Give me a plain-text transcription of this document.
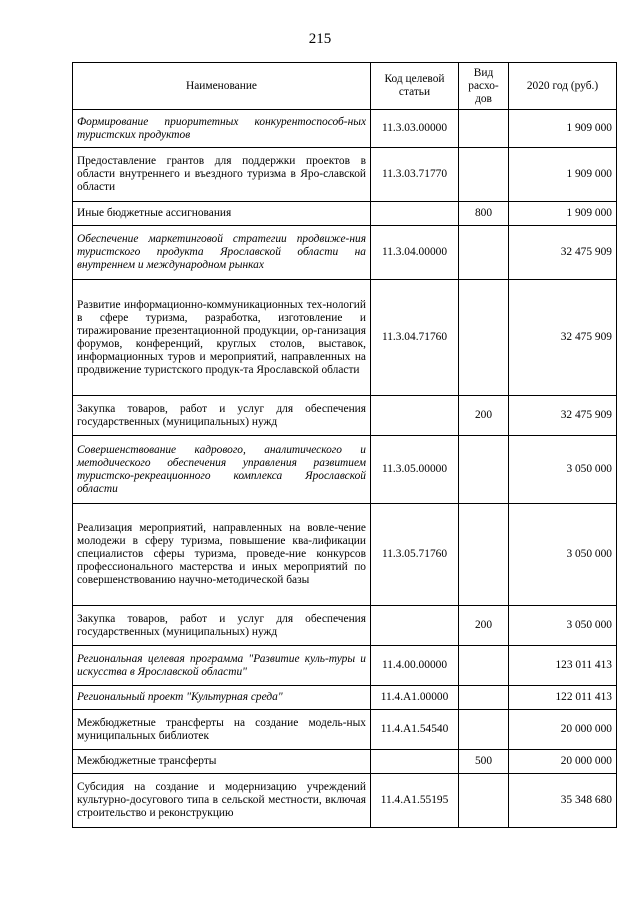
215
Наименование	Код целевой статьи	Вид расхо-дов	2020 год (руб.)
Формирование приоритетных конкурентоспособ-ных туристских продуктов	11.3.03.00000		1 909 000
Предоставление грантов для поддержки проектов в области внутреннего и въездного туризма в Яро-славской области	11.3.03.71770		1 909 000
Иные бюджетные ассигнования		800	1 909 000
Обеспечение маркетинговой стратегии продвиже-ния туристского продукта Ярославской области на внутреннем и международном рынках	11.3.04.00000		32 475 909
Развитие информационно-коммуникационных тех-нологий в сфере туризма, разработка, изготовление и тиражирование презентационной продукции, ор-ганизация форумов, конференций, круглых столов, выставок, информационных туров и мероприятий, направленных на продвижение туристского продук-та Ярославской области	11.3.04.71760		32 475 909
Закупка товаров, работ и услуг для обеспечения государственных (муниципальных) нужд		200	32 475 909
Совершенствование кадрового, аналитического и методического обеспечения управления развитием туристско-рекреационного комплекса Ярославской области	11.3.05.00000		3 050 000
Реализация мероприятий, направленных на вовле-чение молодежи в сферу туризма, повышение ква-лификации специалистов сферы туризма, проведе-ние конкурсов профессионального мастерства и иных мероприятий по совершенствованию научно-методической базы	11.3.05.71760		3 050 000
Закупка товаров, работ и услуг для обеспечения государственных (муниципальных) нужд		200	3 050 000
Региональная целевая программа "Развитие куль-туры и искусства в Ярославской области"	11.4.00.00000		123 011 413
Региональный проект "Культурная среда"	11.4.A1.00000		122 011 413
Межбюджетные трансферты на создание модель-ных муниципальных библиотек	11.4.A1.54540		20 000 000
Межбюджетные трансферты		500	20 000 000
Субсидия на создание и модернизацию учреждений культурно-досугового типа в сельской местности, включая строительство и реконструкцию	11.4.A1.55195		35 348 680
